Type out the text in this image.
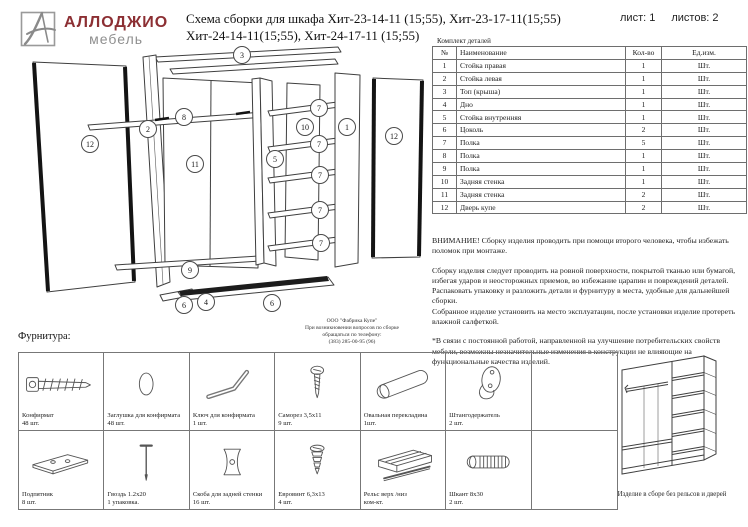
АЛЛОДЖИО
мебель
Схема сборки для шкафа Хит-23-14-11 (15;55), Хит-23-17-11(15;55)
Хит-24-14-11(15;55), Хит-24-17-11 (15;55)
лист: 1 листов: 2
Комплект деталей
№	Наименование	Кол-во	Ед.изм.
1	Стойка правая	1	Шт.
2	Стойка левая	1	Шт.
3	Топ (крыша)	1	Шт.
4	Дно	1	Шт.
5	Стойка внутренняя	1	Шт.
6	Цоколь	2	Шт.
7	Полка	5	Шт.
8	Полка	1	Шт.
9	Полка	1	Шт.
10	Задняя стенка	1	Шт.
11	Задняя стенка	2	Шт.
12	Дверь купе	2	Шт.

ВНИМАНИЕ! Сборку изделия проводить при помощи второго человека, чтобы избежать поломок при монтаже.

Сборку изделия следует проводить на ровной поверхности, покрытой тканью или бумагой, избегая ударов и неосторожных приемов, во избежание царапин и повреждений деталей.

Распаковать упаковку и разложить детали и фурнитуру в места, удобные для дальнейшей сборки.

Собранное изделие установить на место эксплуатации, после установки изделие протереть влажной салфеткой.

*В связи с постоянной работой, направленной на улучшение потребительских свойств мебели, возможны незначительные изменения в конструкции не влияющие на функциональные качества изделий.

3
2
12
8
11
5
10
7
7
7
7
7
1
12
9
6	4	6
ООО "Фабрика Купе"
При возникновении вопросов по сборке
обращаться по телефону:
(383) 285-00-95 (96)
Фурнитура:
Конфирмат
48 шт.
Заглушка для конфирмата
48 шт.
Ключ для конфирмата
1 шт.
Саморез 3,5х11
9 шт.
Овальная перекладина
1шт.
Штангодержатель
2 шт.
Подпятник
8 шт.
Гвоздь 1.2х20
1 упаковка.
Скоба для задней стенки
16 шт.
Евровинт 6,3х13
4 шт.
Рельс верх /низ
ком-кт.
Шкант 8х30
2 шт.
Изделие в сборе без рельсов и дверей
